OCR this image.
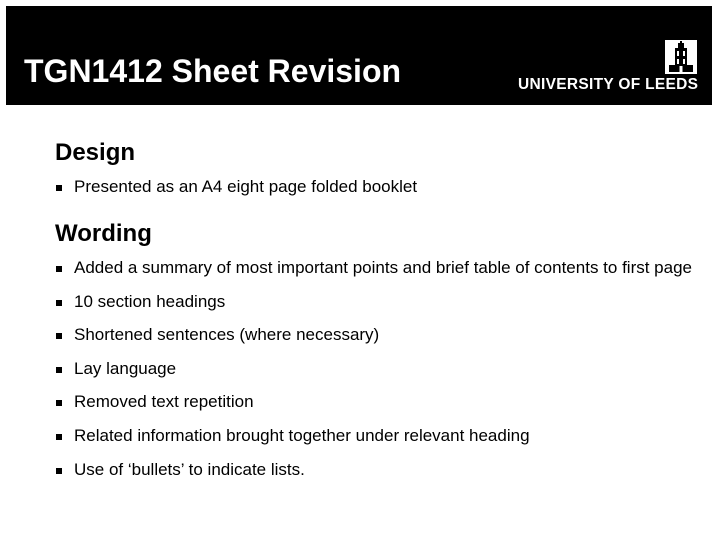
TGN1412 Sheet Revision	UNIVERSITY OF LEEDS
Design
Presented as an A4 eight page folded booklet
Wording
Added a summary of most important points and brief table of contents to first page
10 section headings
Shortened sentences (where necessary)
Lay language
Removed text repetition
Related information brought together under relevant heading
Use of ‘bullets’ to indicate lists.
